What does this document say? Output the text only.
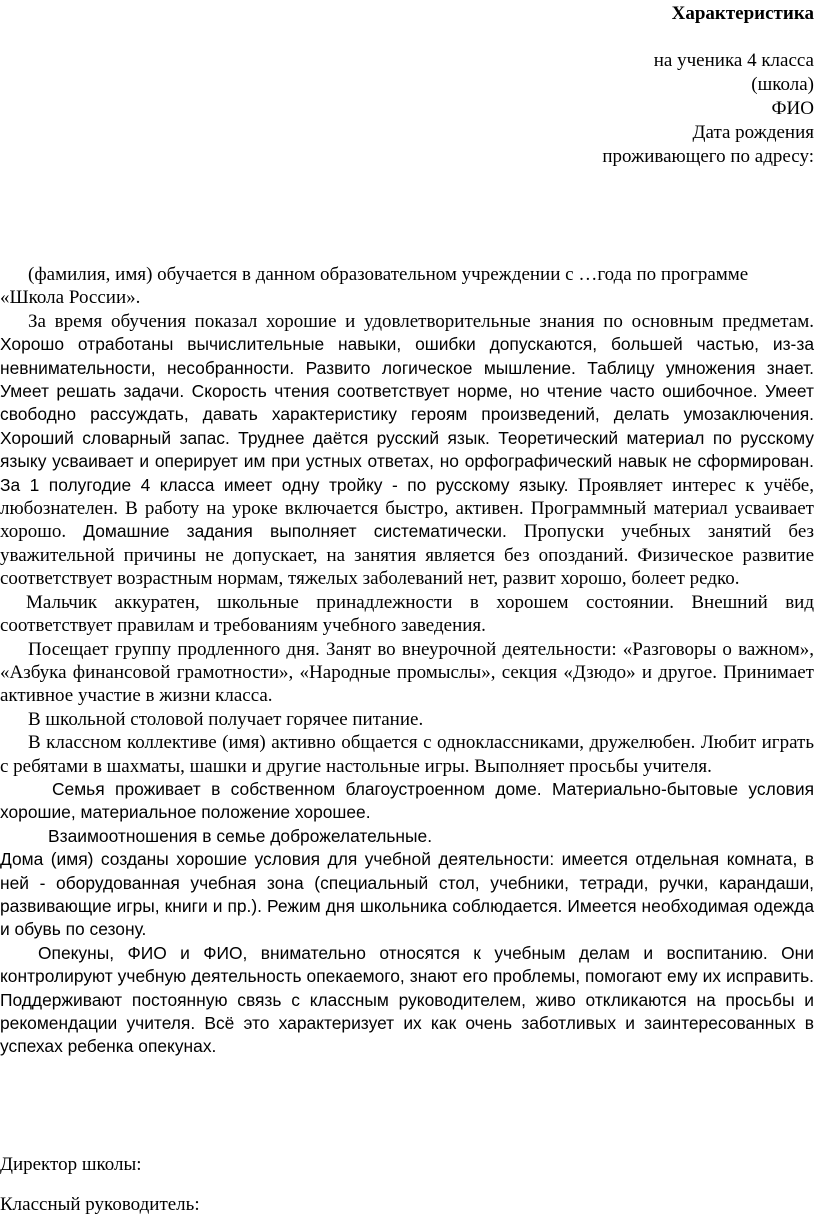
Характеристика
на ученика 4 класса
(школа)
ФИО
Дата рождения
проживающего по адресу:

(фамилия, имя) обучается в данном образовательном учреждении с …года по программе «Школа России».

За время обучения показал хорошие и удовлетворительные знания по основным предметам. Хорошо отработаны вычислительные навыки, ошибки допускаются, большей частью, из-за невнимательности, несобранности. Развито логическое мышление. Таблицу умножения знает. Умеет решать задачи. Скорость чтения соответствует норме, но чтение часто ошибочное. Умеет свободно рассуждать, давать характеристику героям произведений, делать умозаключения. Хороший словарный запас. Труднее даётся русский язык. Теоретический материал по русскому языку усваивает и оперирует им при устных ответах, но орфографический навык не сформирован. За 1 полугодие 4 класса имеет одну тройку - по русскому языку. Проявляет интерес к учёбе, любознателен. В работу на уроке включается быстро, активен. Программный материал усваивает хорошо. Домашние задания выполняет систематически. Пропуски учебных занятий без уважительной причины не допускает, на занятия является без опозданий. Физическое развитие соответствует возрастным нормам, тяжелых заболеваний нет, развит хорошо, болеет редко.

Мальчик аккуратен, школьные принадлежности в хорошем состоянии. Внешний вид соответствует правилам и требованиям учебного заведения.

Посещает группу продленного дня. Занят во внеурочной деятельности: «Разговоры о важном», «Азбука финансовой грамотности», «Народные промыслы», секция «Дзюдо» и другое. Принимает активное участие в жизни класса.

В школьной столовой получает горячее питание.

В классном коллективе (имя) активно общается с одноклассниками, дружелюбен. Любит играть с ребятами в шахматы, шашки и другие настольные игры. Выполняет просьбы учителя.

Семья проживает в собственном благоустроенном доме. Материально-бытовые условия хорошие, материальное положение хорошее.

Взаимоотношения в семье доброжелательные.

Дома (имя) созданы хорошие условия для учебной деятельности: имеется отдельная комната, в ней - оборудованная учебная зона (специальный стол, учебники, тетради, ручки, карандаши, развивающие игры, книги и пр.). Режим дня школьника соблюдается. Имеется необходимая одежда и обувь по сезону.

Опекуны, ФИО и ФИО, внимательно относятся к учебным делам и воспитанию. Они контролируют учебную деятельность опекаемого, знают его проблемы, помогают ему их исправить. Поддерживают постоянную связь с классным руководителем, живо откликаются на просьбы и рекомендации учителя. Всё это характеризует их как очень заботливых и заинтересованных в успехах ребенка опекунах.

Директор школы:
Классный руководитель:
